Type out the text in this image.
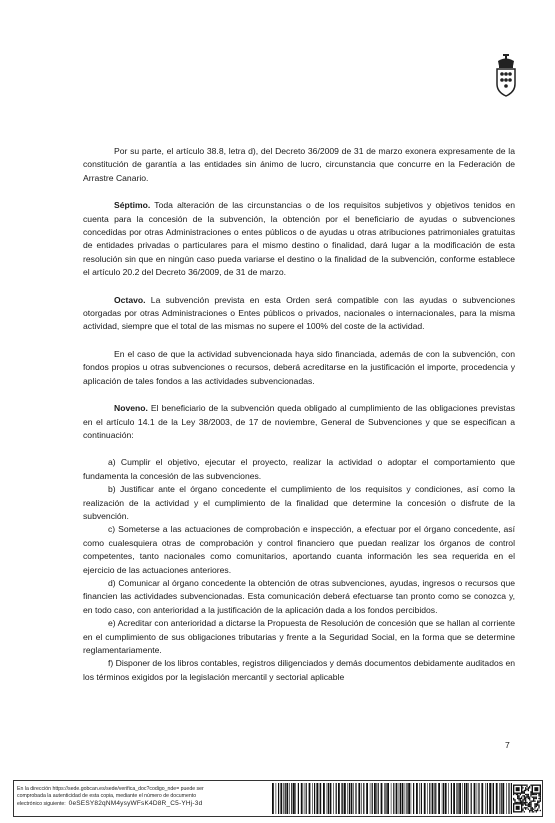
Por su parte, el artículo 38.8, letra d), del Decreto 36/2009 de 31 de marzo exonera expresamente de la constitución de garantía a las entidades sin ánimo de lucro, circunstancia que concurre en la Federación de Arrastre Canario.

Séptimo. Toda alteración de las circunstancias o de los requisitos subjetivos y objetivos tenidos en cuenta para la concesión de la subvención, la obtención por el beneficiario de ayudas o subvenciones concedidas por otras Administraciones o entes públicos o de ayudas u otras atribuciones patrimoniales gratuitas de entidades privadas o particulares para el mismo destino o finalidad, dará lugar a la modificación de esta resolución sin que en ningún caso pueda variarse el destino o la finalidad de la subvención, conforme establece el artículo 20.2 del Decreto 36/2009, de 31 de marzo.

Octavo. La subvención prevista en esta Orden será compatible con las ayudas o subvenciones otorgadas por otras Administraciones o Entes públicos o privados, nacionales o internacionales, para la misma actividad, siempre que el total de las mismas no supere el 100% del coste de la actividad.

En el caso de que la actividad subvencionada haya sido financiada, además de con la subvención, con fondos propios u otras subvenciones o recursos, deberá acreditarse en la justificación el importe, procedencia y aplicación de tales fondos a las actividades subvencionadas.

Noveno. El beneficiario de la subvención queda obligado al cumplimiento de las obligaciones previstas en el artículo 14.1 de la Ley 38/2003, de 17 de noviembre, General de Subvenciones y que se especifican a continuación:

a) Cumplir el objetivo, ejecutar el proyecto, realizar la actividad o adoptar el comportamiento que fundamenta la concesión de las subvenciones.

b) Justificar ante el órgano concedente el cumplimiento de los requisitos y condiciones, así como la realización de la actividad y el cumplimiento de la finalidad que determine la concesión o disfrute de la subvención.

c) Someterse a las actuaciones de comprobación e inspección, a efectuar por el órgano concedente, así como cualesquiera otras de comprobación y control financiero que puedan realizar los órganos de control competentes, tanto nacionales como comunitarios, aportando cuanta información les sea requerida en el ejercicio de las actuaciones anteriores.

d) Comunicar al órgano concedente la obtención de otras subvenciones, ayudas, ingresos o recursos que financien las actividades subvencionadas. Esta comunicación deberá efectuarse tan pronto como se conozca y, en todo caso, con anterioridad a la justificación de la aplicación dada a los fondos percibidos.

e) Acreditar con anterioridad a dictarse la Propuesta de Resolución de concesión que se hallan al corriente en el cumplimiento de sus obligaciones tributarias y frente a la Seguridad Social, en la forma que se determine reglamentariamente.

f) Disponer de los libros contables, registros diligenciados y demás documentos debidamente auditados en los términos exigidos por la legislación mercantil y sectorial aplicable

7
En la dirección https://sede.gobcan.es/sede/verifica_doc?codigo_nde= puede ser
comprobada la autenticidad de esta copia, mediante el número de documento
electrónico siguiente: 0eSESY82qNM4ysyWFsK4D8R_C5-YHj-3d
